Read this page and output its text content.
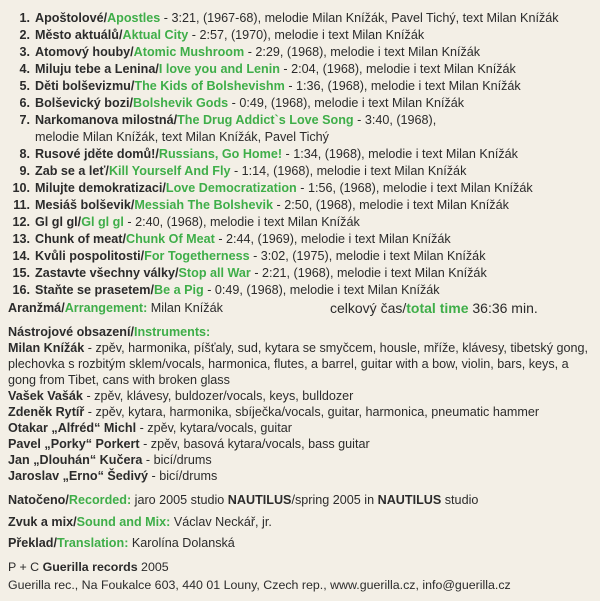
1. Apoštolové/Apostles - 3:21, (1967-68), melodie Milan Knížák, Pavel Tichý, text Milan Knížák
2. Město aktuálů/Aktual City - 2:57, (1970), melodie i text Milan Knížák
3. Atomový houby/Atomic Mushroom - 2:29, (1968), melodie i text Milan Knížák
4. Miluju tebe a Lenina/I love you and Lenin - 2:04, (1968), melodie i text Milan Knížák
5. Děti bolševizmu/The Kids of Bolshevishm - 1:36, (1968), melodie i text Milan Knížák
6. Bolševický bozi/Bolshevik Gods - 0:49, (1968), melodie i text Milan Knížák
7. Narkomanova milostná/The Drug Addict`s Love Song - 3:40, (1968),
melodie Milan Knížák, text Milan Knížák, Pavel Tichý
8. Rusové jděte domů!/Russians, Go Home! - 1:34, (1968), melodie i text Milan Knížák
9. Zab se a leť/Kill Yourself And Fly - 1:14, (1968), melodie i text Milan Knížák
10. Milujte demokratizaci/Love Democratization - 1:56, (1968), melodie i text Milan Knížák
11. Mesiáš bolševik/Messiah The Bolshevik - 2:50, (1968), melodie i text Milan Knížák
12. Gl gl gl/Gl gl gl - 2:40, (1968), melodie i text Milan Knížák
13. Chunk of meat/Chunk Of Meat - 2:44, (1969), melodie i text Milan Knížák
14. Kvůli pospolitosti/For Togetherness - 3:02, (1975), melodie i text Milan Knížák
15. Zastavte všechny války/Stop all War - 2:21, (1968), melodie i text Milan Knížák
16. Staňte se prasetem/Be a Pig - 0:49, (1968), melodie i text Milan Knížák
Aranžmá/Arrangement: Milan Knížák	celkový čas/total time 36:36 min.
Nástrojové obsazení/Instruments:
Milan Knížák - zpěv, harmonika, píšťaly, sud, kytara se smyčcem, housle, mříže, klávesy, tibetský gong, plechovka s rozbitým sklem/vocals, harmonica, flutes, a barrel, guitar with a bow, violin, bars, keys, a gong from Tibet, cans with broken glass
Vašek Vašák - zpěv, klávesy, buldozer/vocals, keys, bulldozer
Zdeněk Rytíř - zpěv, kytara, harmonika, sbíječka/vocals, guitar, harmonica, pneumatic hammer
Otakar „Alfréd“ Michl - zpěv, kytara/vocals, guitar
Pavel „Porky“ Porkert - zpěv, basová kytara/vocals, bass guitar
Jan „Dlouhán“ Kučera - bicí/drums
Jaroslav „Erno“ Šedivý - bicí/drums
Natočeno/Recorded: jaro 2005 studio NAUTILUS/spring 2005 in NAUTILUS studio
Zvuk a mix/Sound and Mix: Václav Neckář, jr.
Překlad/Translation: Karolína Dolanská
P + C Guerilla records 2005
Guerilla rec., Na Foukalce 603, 440 01 Louny, Czech rep., www.guerilla.cz, info@guerilla.cz
